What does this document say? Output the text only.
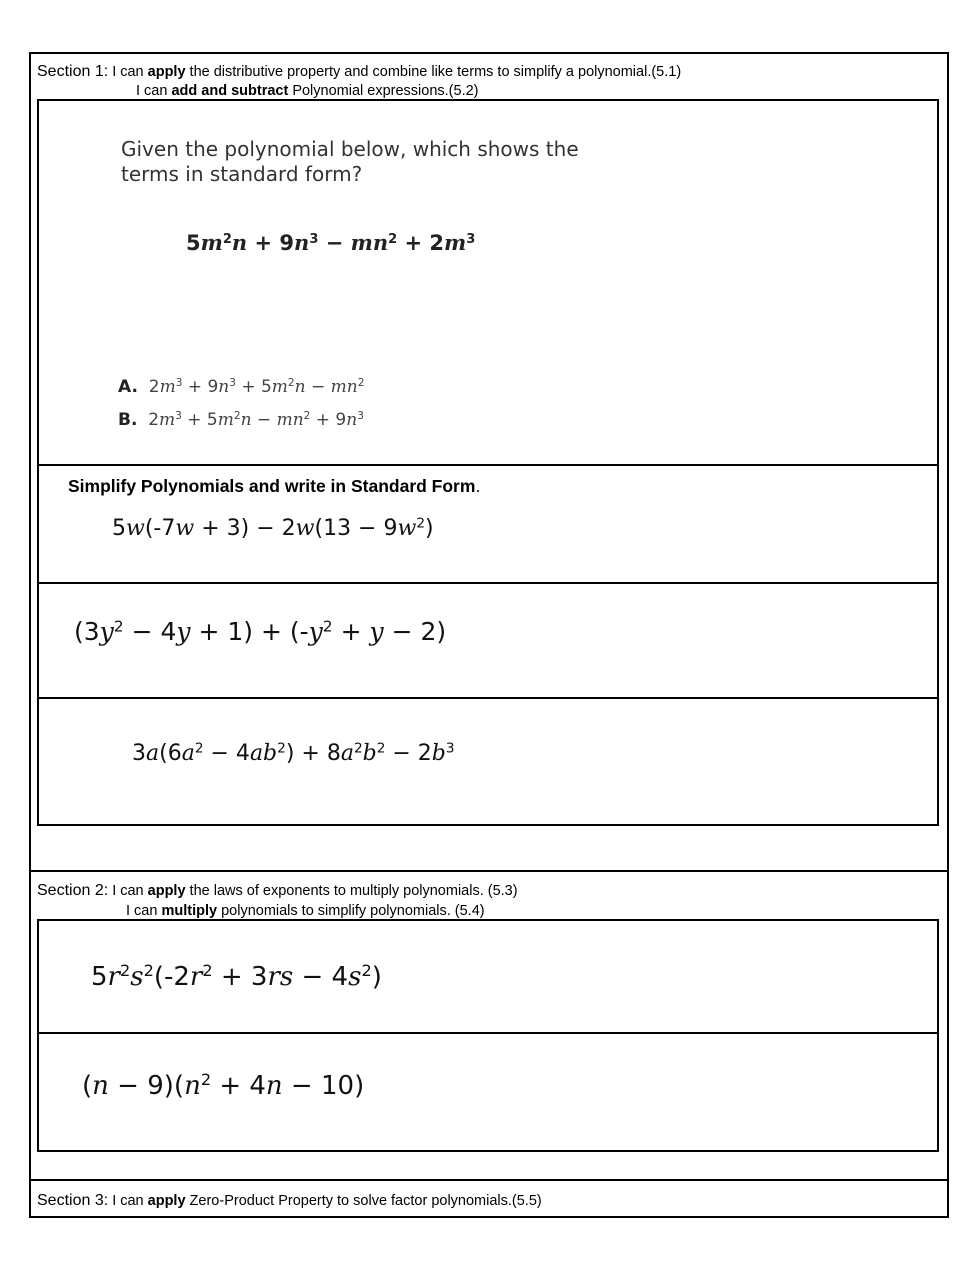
Section 1: I can apply the distributive property and combine like terms to simplify a polynomial.(5.1)
I can add and subtract Polynomial expressions.(5.2)
Given the polynomial below, which shows the
terms in standard form?
$5m^2n + 9n^3 - mn^2 + 2m^3$
A.  $2m^3 + 9n^3 + 5m^2n - mn^2$
B.  $2m^3 + 5m^2n - mn^2 + 9n^3$
Simplify Polynomials and write in Standard Form.
$5w(-7w + 3) - 2w(13 - 9w^2)$
$(3y^2 - 4y + 1) + (-y^2 + y - 2)$
$3a(6a^2 - 4ab^2) + 8a^2b^2 - 2b^3$
Section 2: I can apply the laws of exponents to multiply polynomials. (5.3)
I can multiply polynomials to simplify polynomials. (5.4)
$5r^2s^2(-2r^2 + 3rs - 4s^2)$
$(n - 9)(n^2 + 4n - 10)$
Section 3: I can apply Zero-Product Property to solve factor polynomials.(5.5)
